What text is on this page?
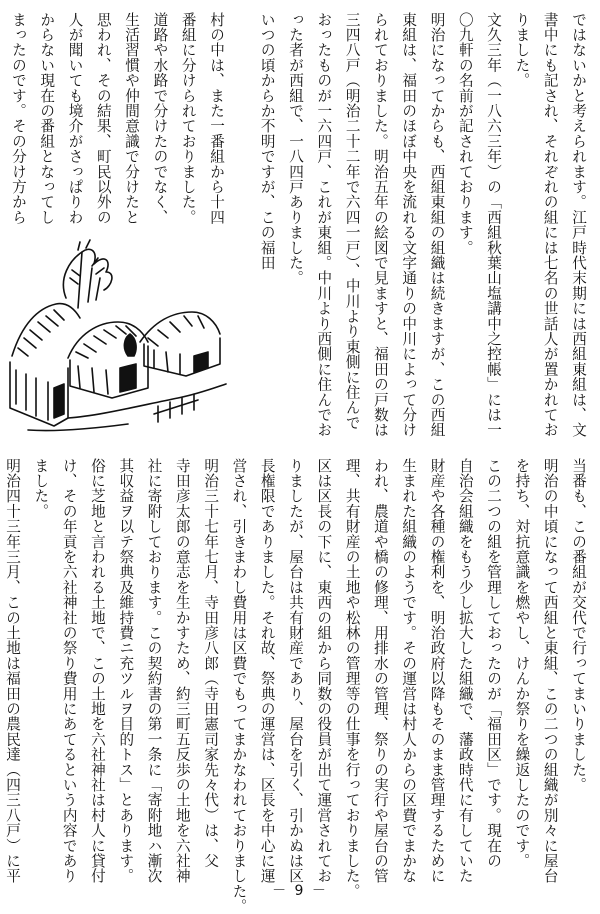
ではないかと考えられます。江戸時代末期には西組東組は、文
書中にも記され、それぞれの組には七名の世話人が置かれてお
りました。
文久三年（一八六三年）の「西組秋葉山塩講中之控帳」には一
〇九軒の名前が記されております。
明治になってからも、西組東組の組織は続きますが、この西組
東組は、福田のほぼ中央を流れる文字通りの中川によって分け
られておりました。明治五年の絵図で見ますと、福田の戸数は
三四八戸（明治二十二年で六四一戸）、中川より東側に住んで
おったものが一六四戸、これが東組。中川より西側に住んでお
った者が西組で、一八四戸ありました。
いつの頃からか不明ですが、この福田
村の中は、また一番組から十四
番組に分けられておりました。
道路や水路で分けたのでなく、
生活習慣や仲間意識で分けたと
思われ、その結果、町民以外の
人が聞いても境介がさっぱりわ
からない現在の番組となってし
まったのです。その分け方から
当番も、この番組が交代で行ってまいりました。
明治の中頃になって西組と東組、この二つの組織が別々に屋台
を持ち、対抗意識を燃やし、けんか祭りを繰返したのです。
この二つの組を管理しておったのが「福田区」です。現在の
自治会組織をもう少し拡大した組織で、藩政時代に有していた
財産や各種の権利を、明治政府以降もそのまま管理するために
生まれた組織のようです。その運営は村人からの区費でまかな
われ、農道や橋の修理、用排水の管理、祭りの実行や屋台の管
理、共有財産の土地や松林の管理等の仕事を行っておりました。
区は区長の下に、東西の組から同数の役員が出て運営されてお
りましたが、屋台は共有財産であり、屋台を引く、引かぬは区
長権限でありました。それ故、祭典の運営は、区長を中心に運
営され、引きまわし費用は区費でもってまかなわれておりました。
明治三十七年七月、寺田彦八郎（寺田憲司家先々代）は、父
寺田彦太郎の意志を生かすため、約三町五反歩の土地を六社神
社に寄附しております。この契約書の第一条に「寄附地ハ漸次
其収益ヲ以テ祭典及維持費ニ充ツルヲ目的トス」とあります。
俗に芝地と言われる土地で、この土地を六社神社は村人に貸付
け、その年貢を六社神社の祭り費用にあてるという内容であり
ました。
明治四十三年三月、この土地は福田の農民達（四三八戸）に平
－ 9 －
